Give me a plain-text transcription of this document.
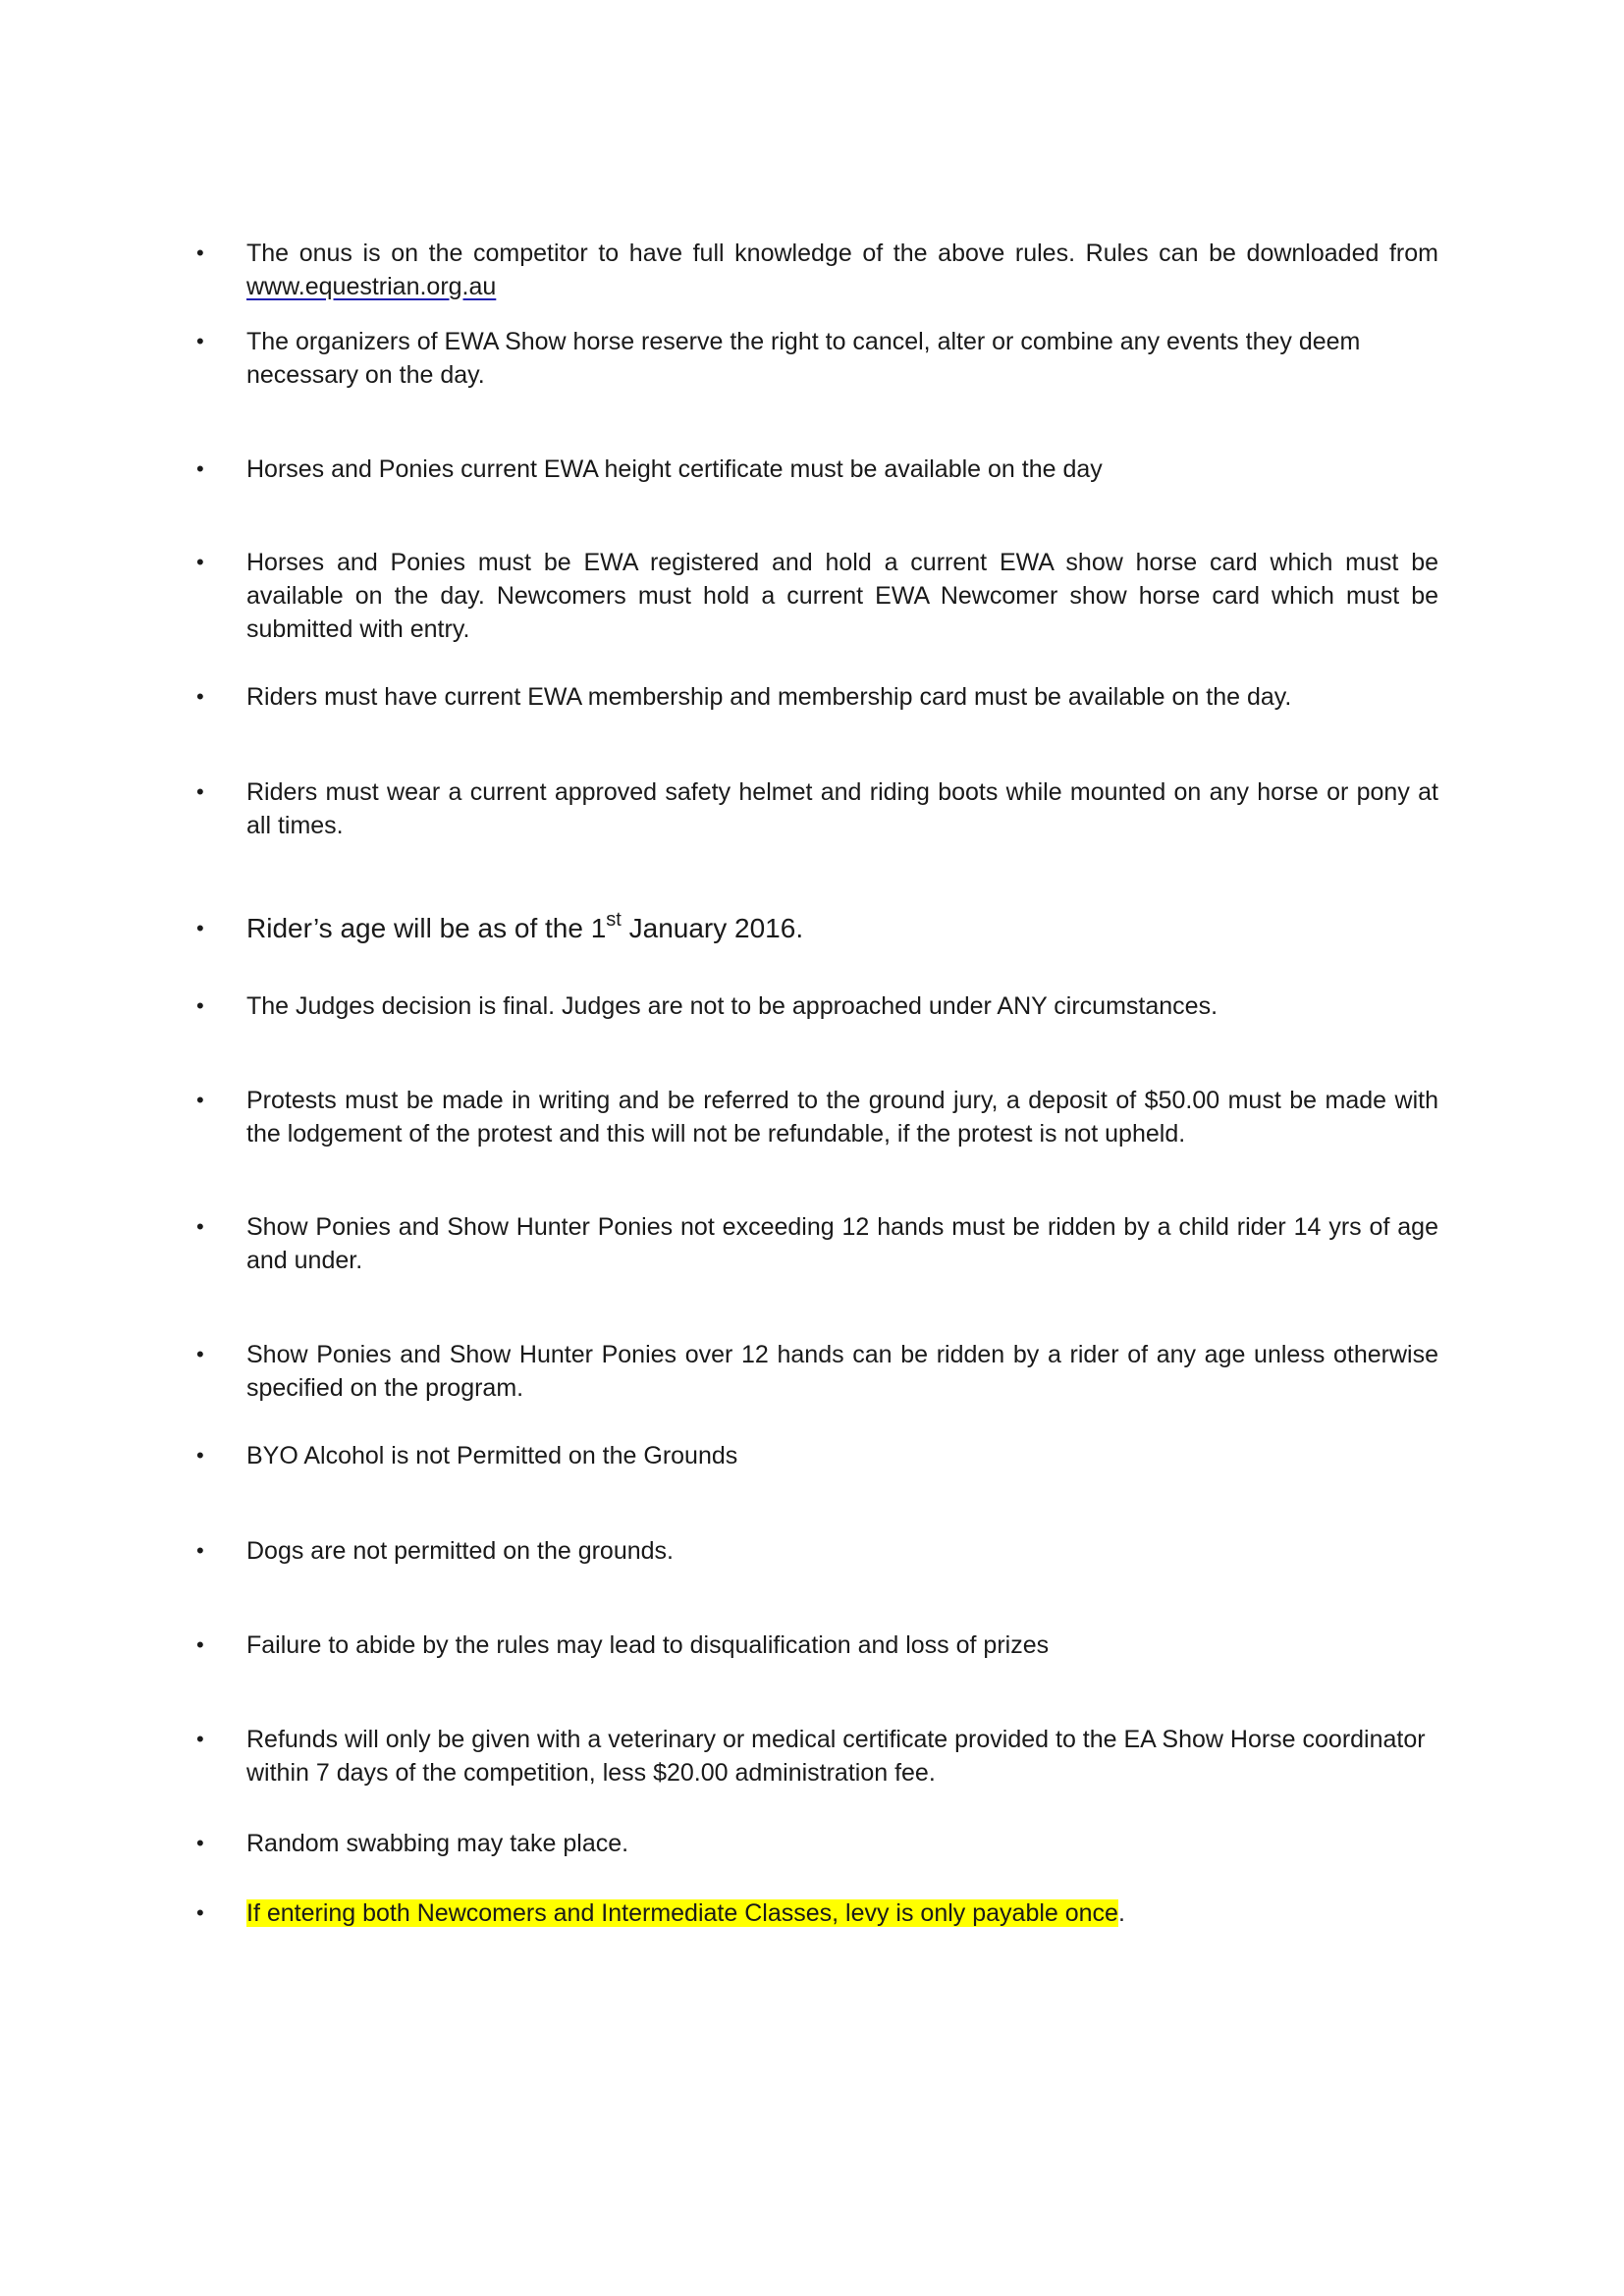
•	The onus is on the competitor to have full knowledge of the above rules. Rules can be downloaded from www.equestrian.org.au
•	The organizers of EWA Show horse reserve the right to cancel, alter or combine any events they deem necessary on the day.
•	Horses and Ponies current EWA height certificate must be available on the day
•	Horses and Ponies must be EWA registered and hold a current EWA show horse card which must be available on the day. Newcomers must hold a current EWA Newcomer show horse card which must be submitted with entry.
•	Riders must have current EWA membership and membership card must be available on the day.
•	Riders must wear a current approved safety helmet and riding boots while mounted on any horse or pony at all times.
•	Rider’s age will be as of the 1st January 2016.
•	The Judges decision is final. Judges are not to be approached under ANY circumstances.
•	Protests must be made in writing and be referred to the ground jury, a deposit of $50.00 must be made with the lodgement of the protest and this will not be refundable, if the protest is not upheld.
•	Show Ponies and Show Hunter Ponies not exceeding 12 hands must be ridden by a child rider 14 yrs of age and under.
•	Show Ponies and Show Hunter Ponies over 12 hands can be ridden by a rider of any age unless otherwise specified on the program.
•	BYO Alcohol is not Permitted on the Grounds
•	Dogs are not permitted on the grounds.
•	Failure to abide by the rules may lead to disqualification and loss of prizes
•	Refunds will only be given with a veterinary or medical certificate provided to the EA Show Horse coordinator within 7 days of the competition, less $20.00 administration fee.
•	Random swabbing may take place.
•	If entering both Newcomers and Intermediate Classes, levy is only payable once.
